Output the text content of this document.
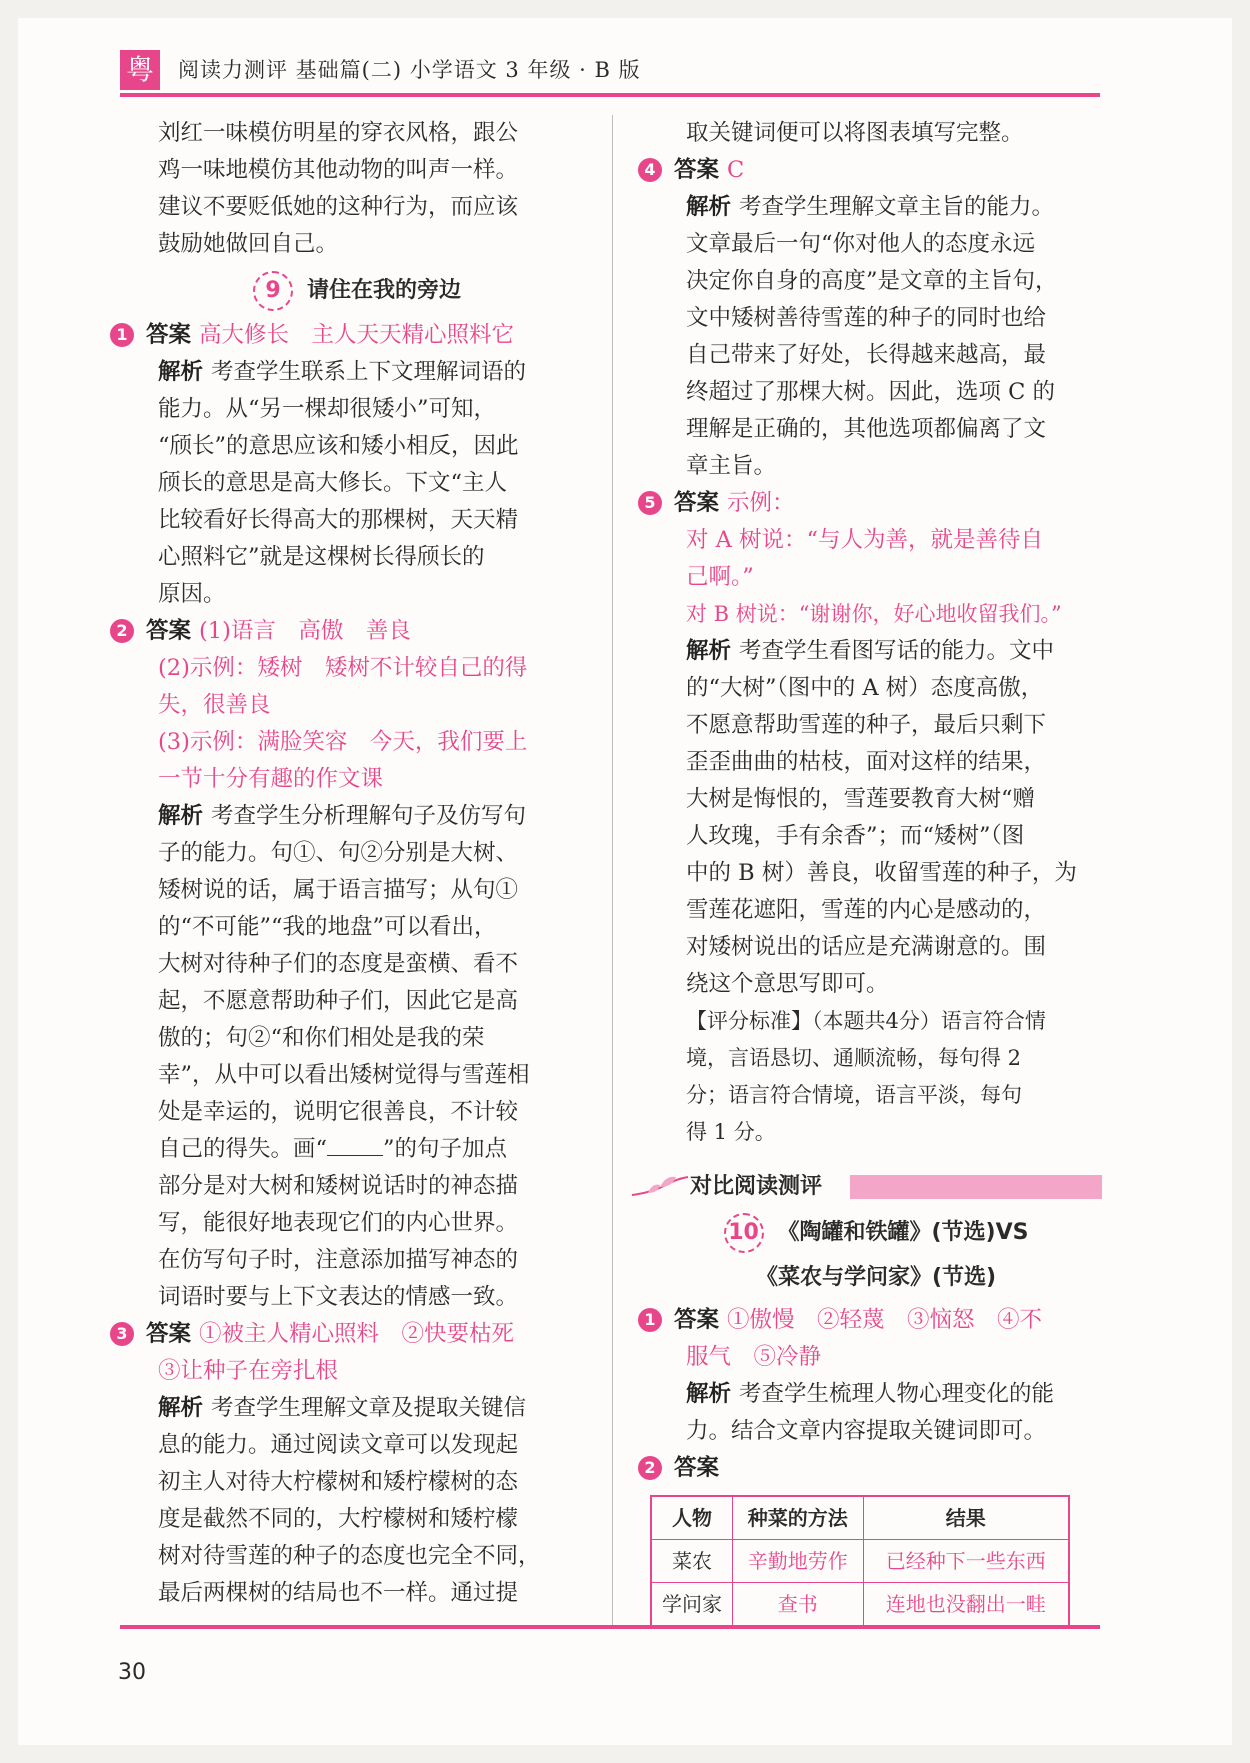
粤 阅读力测评 基础篇(二) 小学语文 3 年级 · B 版

刘红一味模仿明星的穿衣风格，跟公

鸡一味地模仿其他动物的叫声一样。

建议不要贬低她的这种行为，而应该

鼓励她做回自己。

9 请住在我的旁边

1 答案 高大修长　主人天天精心照料它

解析 考查学生联系上下文理解词语的

能力。从“另一棵却很矮小”可知，

“颀长”的意思应该和矮小相反，因此

颀长的意思是高大修长。下文“主人

比较看好长得高大的那棵树，天天精

心照料它”就是这棵树长得颀长的

原因。

2 答案 (1)语言　高傲　善良

(2)示例：矮树　矮树不计较自己的得

失，很善良

(3)示例：满脸笑容　今天，我们要上

一节十分有趣的作文课

解析 考查学生分析理解句子及仿写句

子的能力。句①、句②分别是大树、

矮树说的话，属于语言描写；从句①

的“不可能”“我的地盘”可以看出，

大树对待种子们的态度是蛮横、看不

起，不愿意帮助种子们，因此它是高

傲的；句②“和你们相处是我的荣

幸”，从中可以看出矮树觉得与雪莲相

处是幸运的，说明它很善良，不计较

自己的得失。画“ ”的句子加点

部分是对大树和矮树说话时的神态描

写，能很好地表现它们的内心世界。

在仿写句子时，注意添加描写神态的

词语时要与上下文表达的情感一致。

3 答案 ①被主人精心照料　②快要枯死

③让种子在旁扎根

解析 考查学生理解文章及提取关键信

息的能力。通过阅读文章可以发现起

初主人对待大柠檬树和矮柠檬树的态

度是截然不同的，大柠檬树和矮柠檬

树对待雪莲的种子的态度也完全不同，

最后两棵树的结局也不一样。通过提

取关键词便可以将图表填写完整。

4 答案 C

解析 考查学生理解文章主旨的能力。

文章最后一句“你对他人的态度永远

决定你自身的高度”是文章的主旨句，

文中矮树善待雪莲的种子的同时也给

自己带来了好处，长得越来越高，最

终超过了那棵大树。因此，选项 C 的

理解是正确的，其他选项都偏离了文

章主旨。

5 答案 示例：

对 A 树说：“与人为善，就是善待自

己啊。”

对 B 树说：“谢谢你，好心地收留我们。”

解析 考查学生看图写话的能力。文中

的“大树”（图中的 A 树）态度高傲，

不愿意帮助雪莲的种子，最后只剩下

歪歪曲曲的枯枝，面对这样的结果，

大树是悔恨的，雪莲要教育大树“赠

人玫瑰，手有余香”；而“矮树”（图

中的 B 树）善良，收留雪莲的种子，为

雪莲花遮阳，雪莲的内心是感动的，

对矮树说出的话应是充满谢意的。围

绕这个意思写即可。

【评分标准】（本题共4分）语言符合情

境，言语恳切、通顺流畅，每句得 2

分；语言符合情境，语言平淡，每句

得 1 分。

对比阅读测评
10 《陶罐和铁罐》(节选)VS
《菜农与学问家》(节选)

1 答案 ①傲慢　②轻蔑　③恼怒　④不

服气　⑤冷静

解析 考查学生梳理人物心理变化的能

力。结合文章内容提取关键词即可。

2 答案

人物	种菜的方法	结果
菜农	辛勤地劳作	已经种下一些东西
学问家	查书	连地也没翻出一畦
30
